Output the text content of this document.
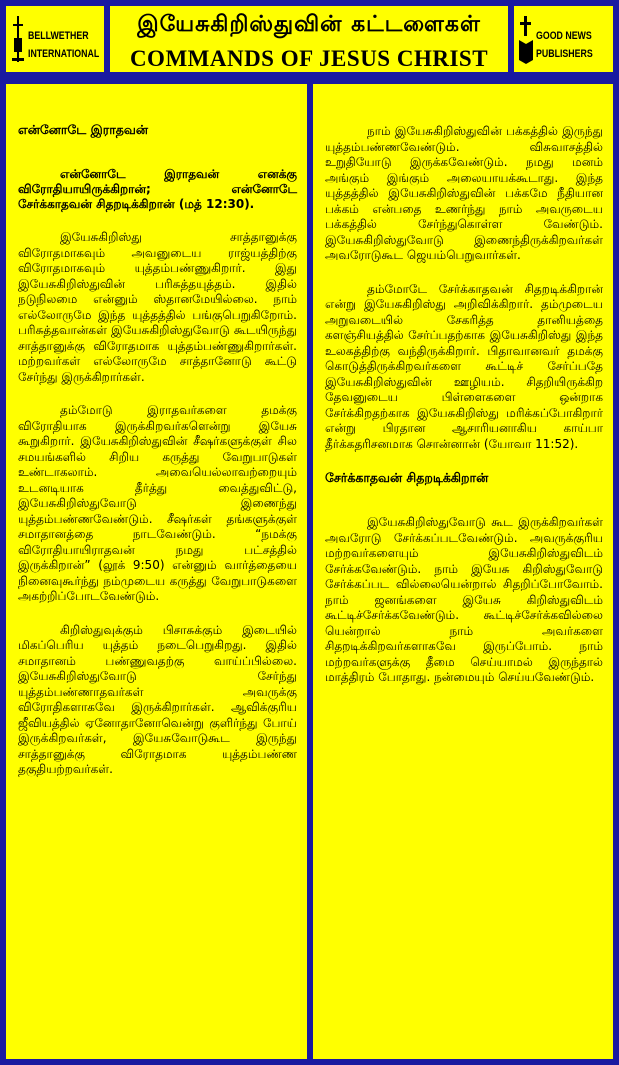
BELLWETHER
INTERNATIONAL
இயேசுகிறிஸ்துவின் கட்டளைகள்
COMMANDS OF JESUS CHRIST
GOOD NEWS
PUBLISHERS

என்னோடே இராதவன்

என்னோடே இராதவன் எனக்கு விரோதியாயிருக்கிறான்; என்னோடே சேர்க்காதவன் சிதறடிக்கிறான் (மத் 12:30).

இயேசுகிறிஸ்து சாத்தானுக்கு விரோதமாகவும் அவனுடைய ராஜ்யத்திற்கு விரோதமாகவும் யுத்தம்பண்ணுகிறார். இது இயேசுகிறிஸ்துவின் பரிசுத்தயுத்தம். இதில் நடுநிலமை என்னும் ஸ்தானமேயில்லை. நாம் எல்லோருமே இந்த யுத்தத்தில் பங்குபெறுகிறோம். பரிசுத்தவான்கள் இயேசுகிறிஸ்துவோடு கூடயிருந்து சாத்தானுக்கு விரோதமாக யுத்தம்பண்ணுகிறார்கள். மற்றவர்கள் எல்லோருமே சாத்தானோடு கூட்டு சேர்ந்து இருக்கிறார்கள்.

தம்மோடு இராதவர்களை தமக்கு விரோதியாக இருக்கிறவர்களென்று இயேசு கூறுகிறார். இயேசுகிறிஸ்துவின் சீஷர்களுக்குள் சில சமயங்களில் சிறிய கருத்து வேறுபாடுகள் உண்டாகலாம். அவையெல்லாவற்றையும் உடனடியாக தீர்த்து வைத்துவிட்டு, இயேசுகிறிஸ்துவோடு இணைந்து யுத்தம்பண்ணவேண்டும். சீஷர்கள் தங்களுக்குள் சமாதானத்தை நாடவேண்டும். “நமக்கு விரோதியாயிராதவன் நமது பட்சத்தில் இருக்கிறான்” (லூக் 9:50) என்னும் வார்த்தையை நினைவுகூர்ந்து நம்முடைய கருத்து வேறுபாடுகளை அகற்றிப்போடவேண்டும்.

கிறிஸ்துவுக்கும் பிசாசுக்கும் இடையில் மிகப்பெரிய யுத்தம் நடைபெறுகிறது. இதில் சமாதானம் பண்ணுவதற்கு வாய்ப்பில்லை. இயேசுகிறிஸ்துவோடு சேர்ந்து யுத்தம்பண்ணாதவர்கள் அவருக்கு விரோதிகளாகவே இருக்கிறார்கள். ஆவிக்குரிய ஜீவியத்தில் ஏனோதானோவென்று குளிர்ந்து போய் இருக்கிறவர்கள், இயேசுவோடுகூட இருந்து சாத்தானுக்கு விரோதமாக யுத்தம்பண்ண தகுதியற்றவர்கள்.

நாம் இயேசுகிறிஸ்துவின் பக்கத்தில் இருந்து யுத்தம்பண்ணவேண்டும். விசுவாசத்தில் உறுதியோடு இருக்கவேண்டும். நமது மனம் அங்கும் இங்கும் அலையாயக்கூடாது. இந்த யுத்தத்தில் இயேசுகிறிஸ்துவின் பக்கமே நீதியான பக்கம் என்பதை உணர்ந்து நாம் அவருடைய பக்கத்தில் சேர்ந்துகொள்ள வேண்டும். இயேசுகிறிஸ்துவோடு இணைந்திருக்கிறவர்கள் அவரோடுகூட ஜெயம்பெறுவார்கள்.

தம்மோடே சேர்க்காதவன் சிதறடிக்கிறான் என்று இயேசுகிறிஸ்து அறிவிக்கிறார். தம்முடைய அறுவடையில் சேகரித்த தானியத்தை களஞ்சியத்தில் சேர்ப்பதற்காக இயேசுகிறிஸ்து இந்த உலகத்திற்கு வந்திருக்கிறார். பிதாவானவர் தமக்கு கொடுத்திருக்கிறவர்களை கூட்டிச் சேர்ப்பதே இயேசுகிறிஸ்துவின் ஊழியம். சிதறியிருக்கிற தேவனுடைய பிள்ளைகளை ஒன்றாக சேர்க்கிறதற்காக இயேசுகிறிஸ்து மரிக்கப்போகிறார் என்று பிரதான ஆசாரியனாகிய காய்பா தீர்க்கதரிசனமாக சொன்னான் (யோவா 11:52).

சேர்க்காதவன் சிதறடிக்கிறான்

இயேசுகிறிஸ்துவோடு கூட இருக்கிறவர்கள் அவரோடு சேர்க்கப்படவேண்டும். அவருக்குரிய மற்றவர்களையும் இயேசுகிறிஸ்துவிடம் சேர்க்கவேண்டும். நாம் இயேசு கிறிஸ்துவோடு சேர்க்கப்பட வில்லையென்றால் சிதறிப்போவோம். நாம் ஜனங்களை இயேசு கிறிஸ்துவிடம் கூட்டிச்சேர்க்கவேண்டும். கூட்டிச்சேர்க்கவில்லை யென்றால் நாம் அவர்களை சிதறடிக்கிறவர்களாகவே இருப்போம். நாம் மற்றவர்களுக்கு தீமை செய்யாமல் இருந்தால் மாத்திரம் போதாது. நன்மையும் செய்யவேண்டும்.
